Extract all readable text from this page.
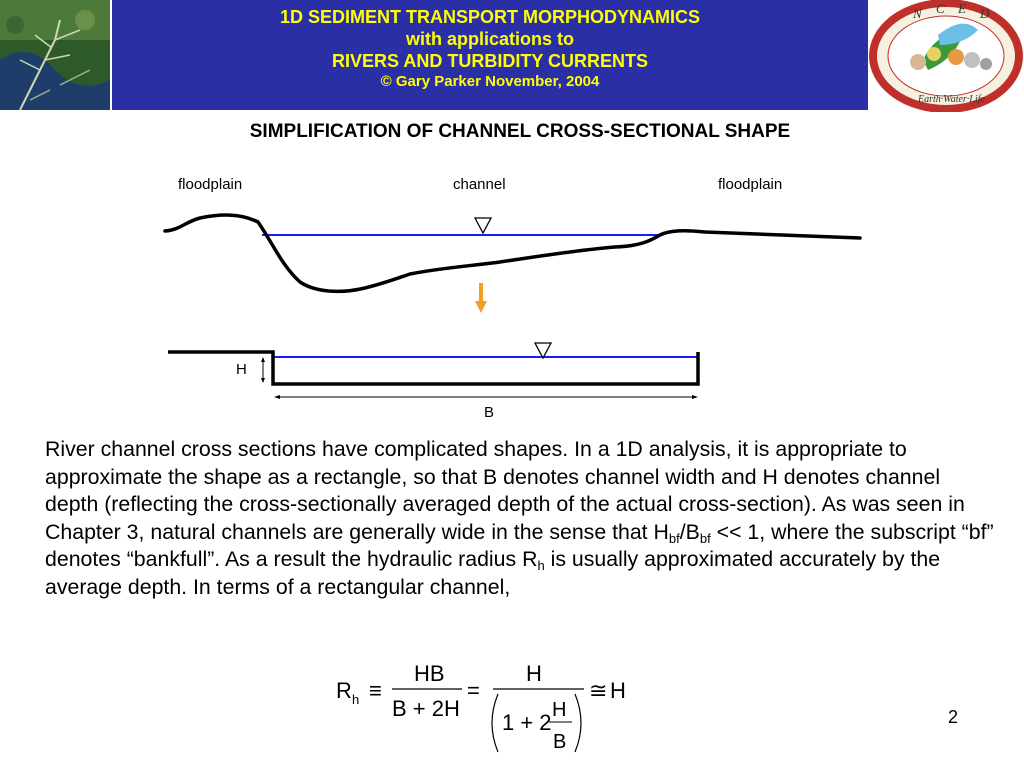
1D SEDIMENT TRANSPORT MORPHODYNAMICS
with applications to
RIVERS AND TURBIDITY CURRENTS
© Gary Parker November, 2004
N C E D
Earth·Water·Life
SIMPLIFICATION OF CHANNEL CROSS-SECTIONAL SHAPE
floodplain	channel	floodplain
H
B
River channel cross sections have complicated shapes. In a 1D analysis, it is appropriate to approximate the shape as a rectangle, so that B denotes channel width and H denotes channel depth (reflecting the cross-sectionally averaged depth of the actual cross-section). As was seen in Chapter 3, natural channels are generally wide in the sense that $H_{bf}/B_{bf} << 1$, where the subscript “bf” denotes “bankfull”. As a result the hydraulic radius $R_h$ is usually approximated accurately by the average depth. In terms of a rectangular channel,
R h ≡
HB
B + 2H
=
H
1 + 2 H
B
≅ H
2
